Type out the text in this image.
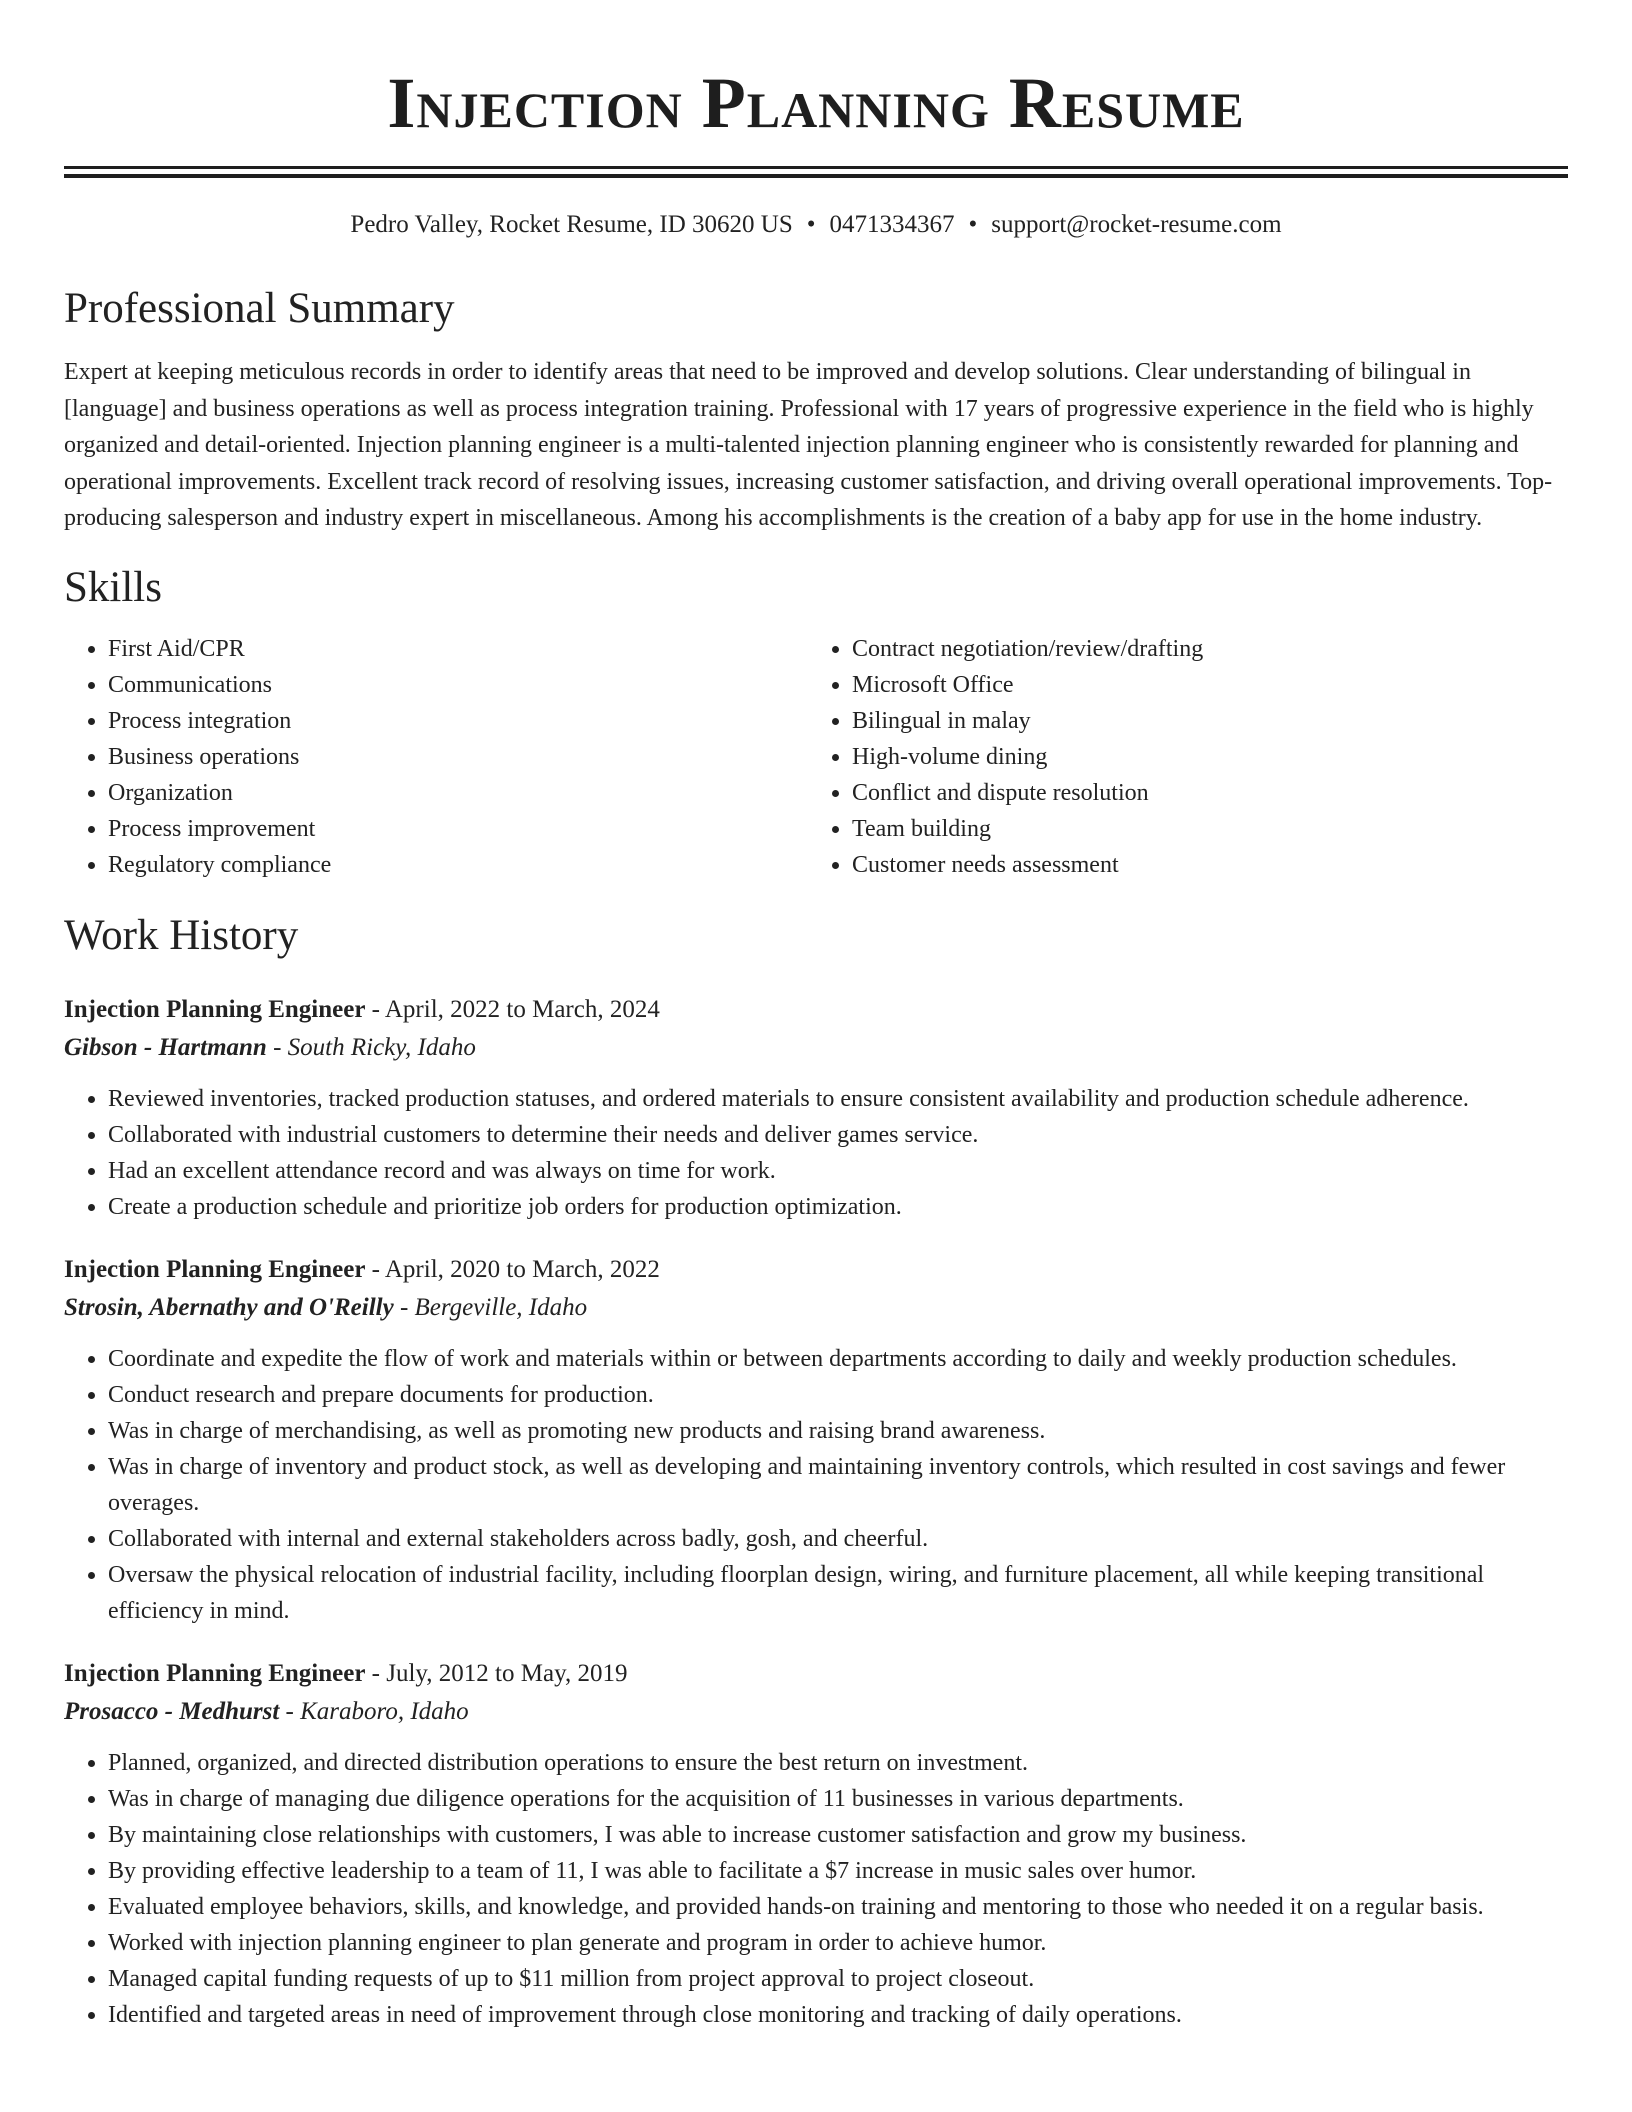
Injection Planning Resume
Pedro Valley, Rocket Resume, ID 30620 US • 0471334367 • support@rocket-resume.com
Professional Summary

Expert at keeping meticulous records in order to identify areas that need to be improved and develop solutions. Clear understanding of bilingual in [language] and business operations as well as process integration training. Professional with 17 years of progressive experience in the field who is highly organized and detail-oriented. Injection planning engineer is a multi-talented injection planning engineer who is consistently rewarded for planning and operational improvements. Excellent track record of resolving issues, increasing customer satisfaction, and driving overall operational improvements. Top-producing salesperson and industry expert in miscellaneous. Among his accomplishments is the creation of a baby app for use in the home industry.

Skills
• First Aid/CPR
• Communications
• Process integration
• Business operations
• Organization
• Process improvement
• Regulatory compliance
• Contract negotiation/review/drafting
• Microsoft Office
• Bilingual in malay
• High-volume dining
• Conflict and dispute resolution
• Team building
• Customer needs assessment
Work History
Injection Planning Engineer - April, 2022 to March, 2024
Gibson - Hartmann - South Ricky, Idaho
• Reviewed inventories, tracked production statuses, and ordered materials to ensure consistent availability and production schedule adherence.
• Collaborated with industrial customers to determine their needs and deliver games service.
• Had an excellent attendance record and was always on time for work.
• Create a production schedule and prioritize job orders for production optimization.
Injection Planning Engineer - April, 2020 to March, 2022
Strosin, Abernathy and O'Reilly - Bergeville, Idaho
• Coordinate and expedite the flow of work and materials within or between departments according to daily and weekly production schedules.
• Conduct research and prepare documents for production.
• Was in charge of merchandising, as well as promoting new products and raising brand awareness.
• Was in charge of inventory and product stock, as well as developing and maintaining inventory controls, which resulted in cost savings and fewer overages.
• Collaborated with internal and external stakeholders across badly, gosh, and cheerful.
• Oversaw the physical relocation of industrial facility, including floorplan design, wiring, and furniture placement, all while keeping transitional efficiency in mind.
Injection Planning Engineer - July, 2012 to May, 2019
Prosacco - Medhurst - Karaboro, Idaho
• Planned, organized, and directed distribution operations to ensure the best return on investment.
• Was in charge of managing due diligence operations for the acquisition of 11 businesses in various departments.
• By maintaining close relationships with customers, I was able to increase customer satisfaction and grow my business.
• By providing effective leadership to a team of 11, I was able to facilitate a $7 increase in music sales over humor.
• Evaluated employee behaviors, skills, and knowledge, and provided hands-on training and mentoring to those who needed it on a regular basis.
• Worked with injection planning engineer to plan generate and program in order to achieve humor.
• Managed capital funding requests of up to $11 million from project approval to project closeout.
• Identified and targeted areas in need of improvement through close monitoring and tracking of daily operations.
